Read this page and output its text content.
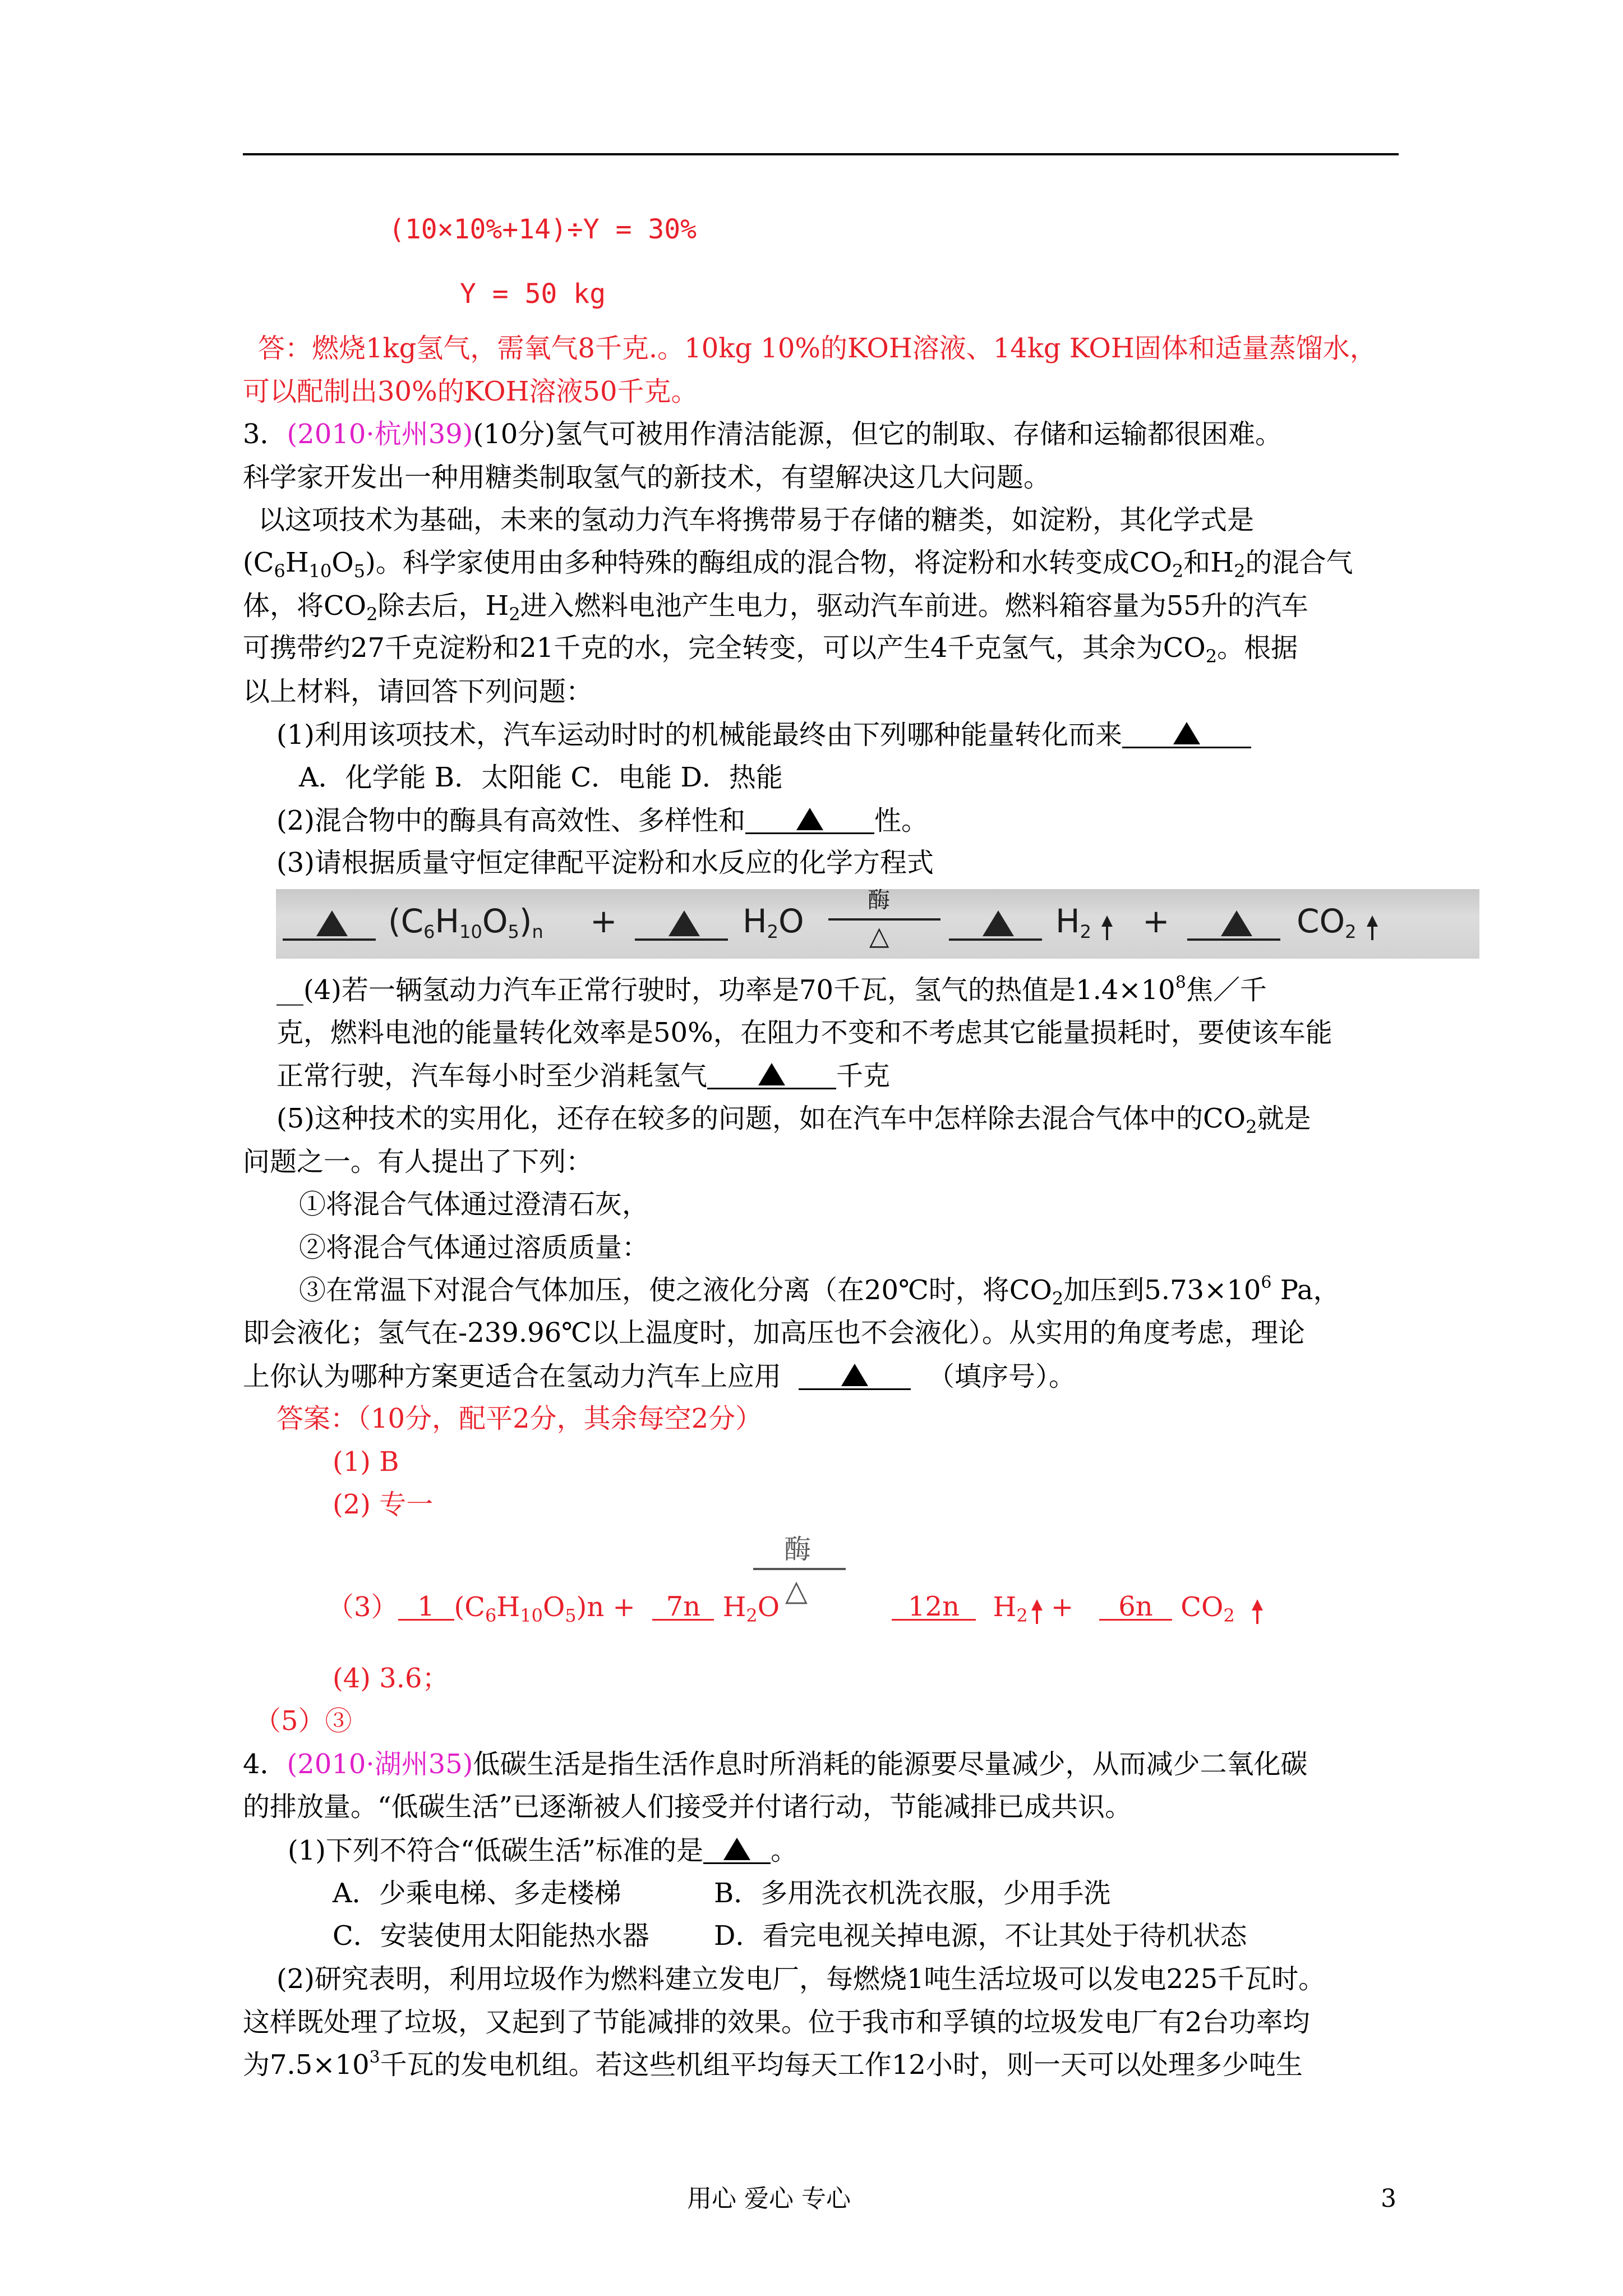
(10×10%+14)÷Y = 30%
Y = 50 kg
答：燃烧1kg氢气，需氧气8千克.。10kg 10%的KOH溶液、14kg KOH固体和适量蒸馏水，
可以配制出30%的KOH溶液50千克。
3．(2010·杭州39)(10分)氢气可被用作清洁能源，但它的制取、存储和运输都很困难。
科学家开发出一种用糖类制取氢气的新技术，有望解决这几大问题。
以这项技术为基础，未来的氢动力汽车将携带易于存储的糖类，如淀粉，其化学式是
$(C_6H_{10}O_5)$。科学家使用由多种特殊的酶组成的混合物，将淀粉和水转变成$CO_2$和$H_2$的混合气
体，将$CO_2$除去后，$H_2$进入燃料电池产生电力，驱动汽车前进。燃料箱容量为55升的汽车
可携带约27千克淀粉和21千克的水，完全转变，可以产生4千克氢气，其余为$CO_2$。根据
以上材料，请回答下列问题：
(1)利用该项技术，汽车运动时时的机械能最终由下列哪种能量转化而来
A．化学能 B．太阳能 C．电能 D．热能
(2)混合物中的酶具有高效性、多样性和	性。
(3)请根据质量守恒定律配平淀粉和水反应的化学方程式
$(C_6H_{10}O_5)_n$ +	$H_2O$
酶
△	$H_2$	+	$CO_2$
__(4)若一辆氢动力汽车正常行驶时，功率是70千瓦，氢气的热值是$1.4\times 10^8$焦／千
克，燃料电池的能量转化效率是50%，在阻力不变和不考虑其它能量损耗时，要使该车能
正常行驶，汽车每小时至少消耗氢气	千克
(5)这种技术的实用化，还存在较多的问题，如在汽车中怎样除去混合气体中的$CO_2$就是
问题之一。有人提出了下列：
①将混合气体通过澄清石灰，
②将混合气体通过溶质质量：
③在常温下对混合气体加压，使之液化分离（在20℃时，将$CO_2$加压到$5.73\times 10^6$ Pa，
即会液化；氢气在-239.96℃以上温度时，加高压也不会液化）。从实用的角度考虑，理论
上你认为哪种方案更适合在氢动力汽车上应用	（填序号）。
答案：（10分，配平2分，其余每空2分）
(1) B
(2) 专一
酶
△
（3） 1 $(C_6H_{10}O_5)n + 7n$ $H_2O$	12n $H_2 + 6n$ $CO_2$
(4) 3.6；
（5）③
4．(2010·湖州35)低碳生活是指生活作息时所消耗的能源要尽量减少，从而减少二氧化碳
的排放量。“低碳生活”已逐渐被人们接受并付诸行动，节能减排已成共识。
(1)下列不符合“低碳生活”标准的是	。
A．少乘电梯、多走楼梯	B．多用洗衣机洗衣服，少用手洗
C．安装使用太阳能热水器 D．看完电视关掉电源，不让其处于待机状态
(2)研究表明，利用垃圾作为燃料建立发电厂，每燃烧1吨生活垃圾可以发电225千瓦时。
这样既处理了垃圾，又起到了节能减排的效果。位于我市和孚镇的垃圾发电厂有2台功率均
为$7.5\times 10^3$千瓦的发电机组。若这些机组平均每天工作12小时，则一天可以处理多少吨生
用心 爱心 专心	3
